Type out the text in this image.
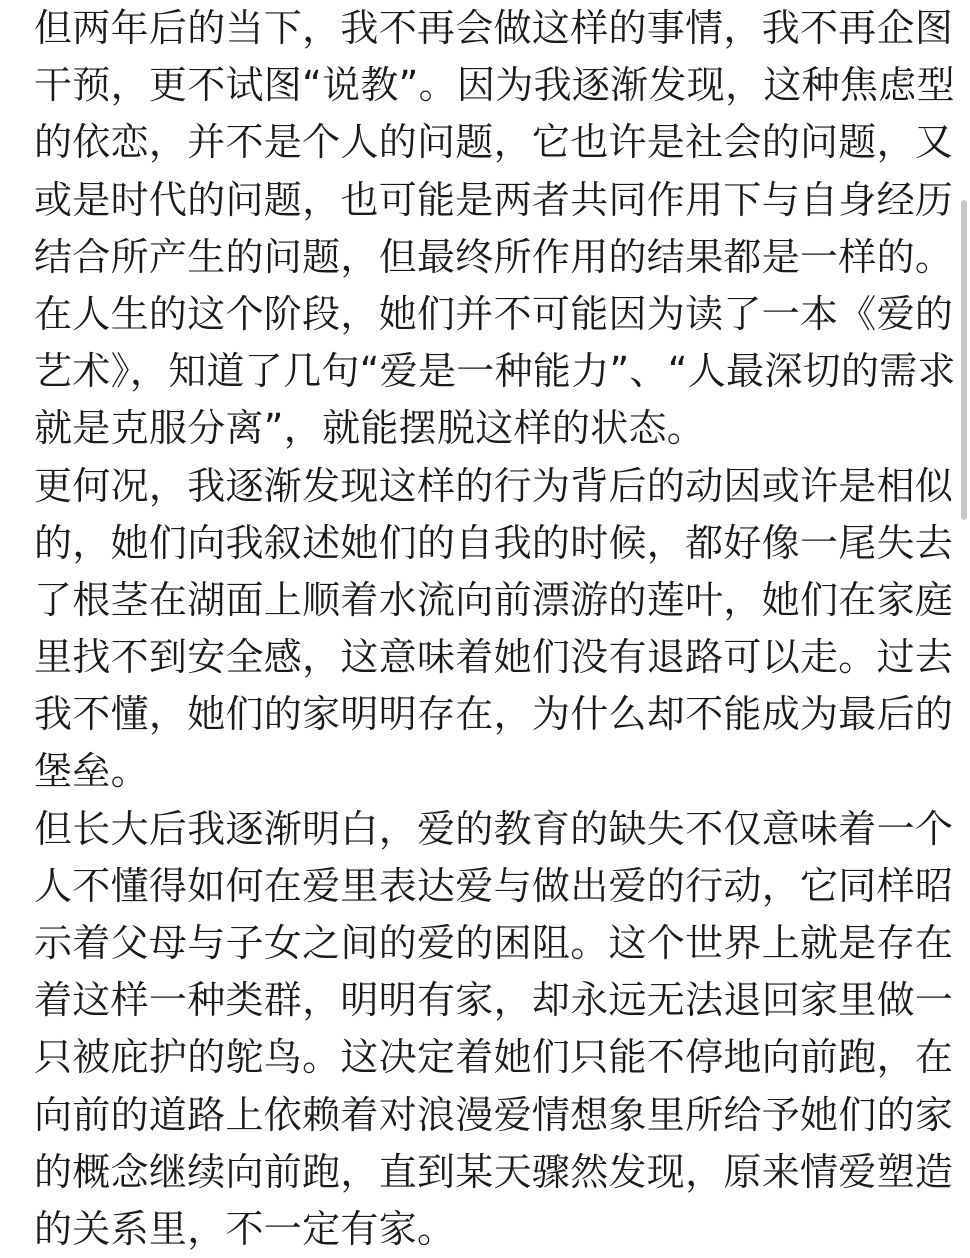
但两年后的当下，我不再会做这样的事情，我不再企图
干预，更不试图“说教”。因为我逐渐发现，这种焦虑型
的依恋，并不是个人的问题，它也许是社会的问题，又
或是时代的问题，也可能是两者共同作用下与自身经历
结合所产生的问题，但最终所作用的结果都是一样的。
在人生的这个阶段，她们并不可能因为读了一本《爱的
艺术》，知道了几句“爱是一种能力”、“人最深切的需求
就是克服分离”，就能摆脱这样的状态。
更何况，我逐渐发现这样的行为背后的动因或许是相似
的，她们向我叙述她们的自我的时候，都好像一尾失去
了根茎在湖面上顺着水流向前漂游的莲叶，她们在家庭
里找不到安全感，这意味着她们没有退路可以走。过去
我不懂，她们的家明明存在，为什么却不能成为最后的
堡垒。
但长大后我逐渐明白，爱的教育的缺失不仅意味着一个
人不懂得如何在爱里表达爱与做出爱的行动，它同样昭
示着父母与子女之间的爱的困阻。这个世界上就是存在
着这样一种类群，明明有家，却永远无法退回家里做一
只被庇护的鸵鸟。这决定着她们只能不停地向前跑，在
向前的道路上依赖着对浪漫爱情想象里所给予她们的家
的概念继续向前跑，直到某天骤然发现，原来情爱塑造
的关系里，不一定有家。
